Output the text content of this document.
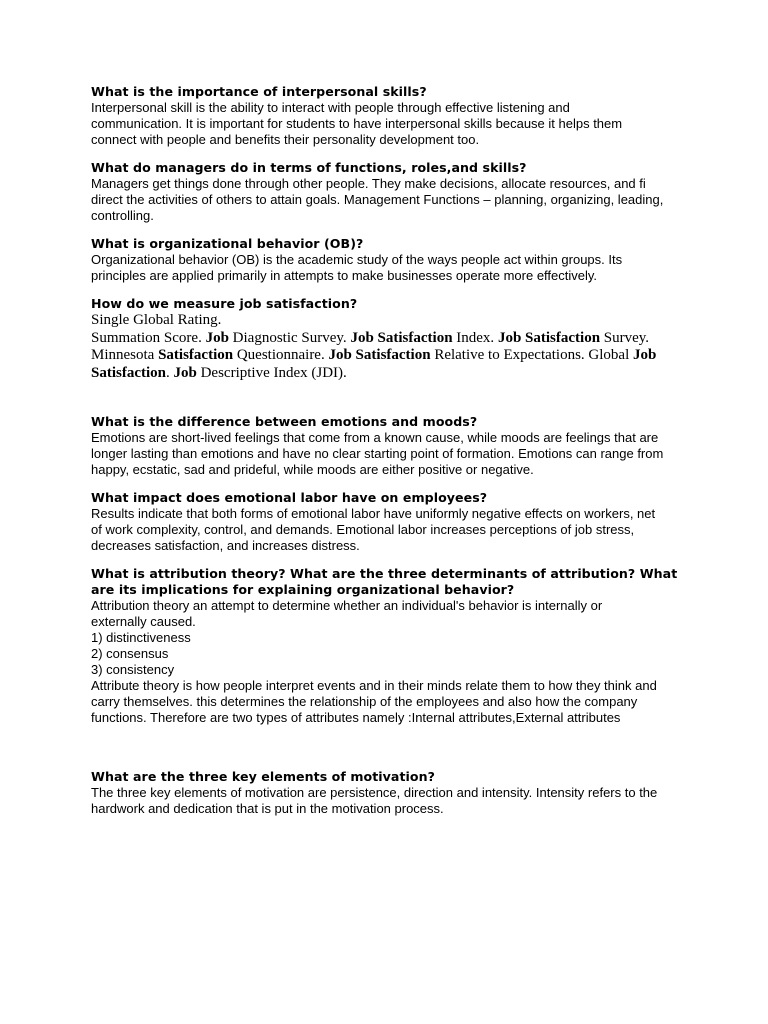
What is the importance of interpersonal skills?

Interpersonal skill is the ability to interact with people through effective listening and
communication. It is important for students to have interpersonal skills because it helps them
connect with people and benefits their personality development too.

What do managers do in terms of functions, roles,and skills?

Managers get things done through other people. They make decisions, allocate resources, and fi
direct the activities of others to attain goals. Management Functions – planning, organizing, leading,
controlling.

What is organizational behavior (OB)?

Organizational behavior (OB) is the academic study of the ways people act within groups. Its
principles are applied primarily in attempts to make businesses operate more effectively.

How do we measure job satisfaction?

Single Global Rating.
Summation Score. Job Diagnostic Survey. Job Satisfaction Index. Job Satisfaction Survey.
Minnesota Satisfaction Questionnaire. Job Satisfaction Relative to Expectations. Global Job
Satisfaction. Job Descriptive Index (JDI).

What is the difference between emotions and moods?

Emotions are short-lived feelings that come from a known cause, while moods are feelings that are
longer lasting than emotions and have no clear starting point of formation. Emotions can range from
happy, ecstatic, sad and prideful, while moods are either positive or negative.

What impact does emotional labor have on employees?

Results indicate that both forms of emotional labor have uniformly negative effects on workers, net
of work complexity, control, and demands. Emotional labor increases perceptions of job stress,
decreases satisfaction, and increases distress.

What is attribution theory? What are the three determinants of attribution? What
are its implications for explaining organizational behavior?

Attribution theory an attempt to determine whether an individual's behavior is internally or
externally caused.
1) distinctiveness
2) consensus
3) consistency
Attribute theory is how people interpret events and in their minds relate them to how they think and
carry themselves. this determines the relationship of the employees and also how the company
functions. Therefore are two types of attributes namely :Internal attributes,External attributes

What are the three key elements of motivation?

The three key elements of motivation are persistence, direction and intensity. Intensity refers to the
hardwork and dedication that is put in the motivation process.
